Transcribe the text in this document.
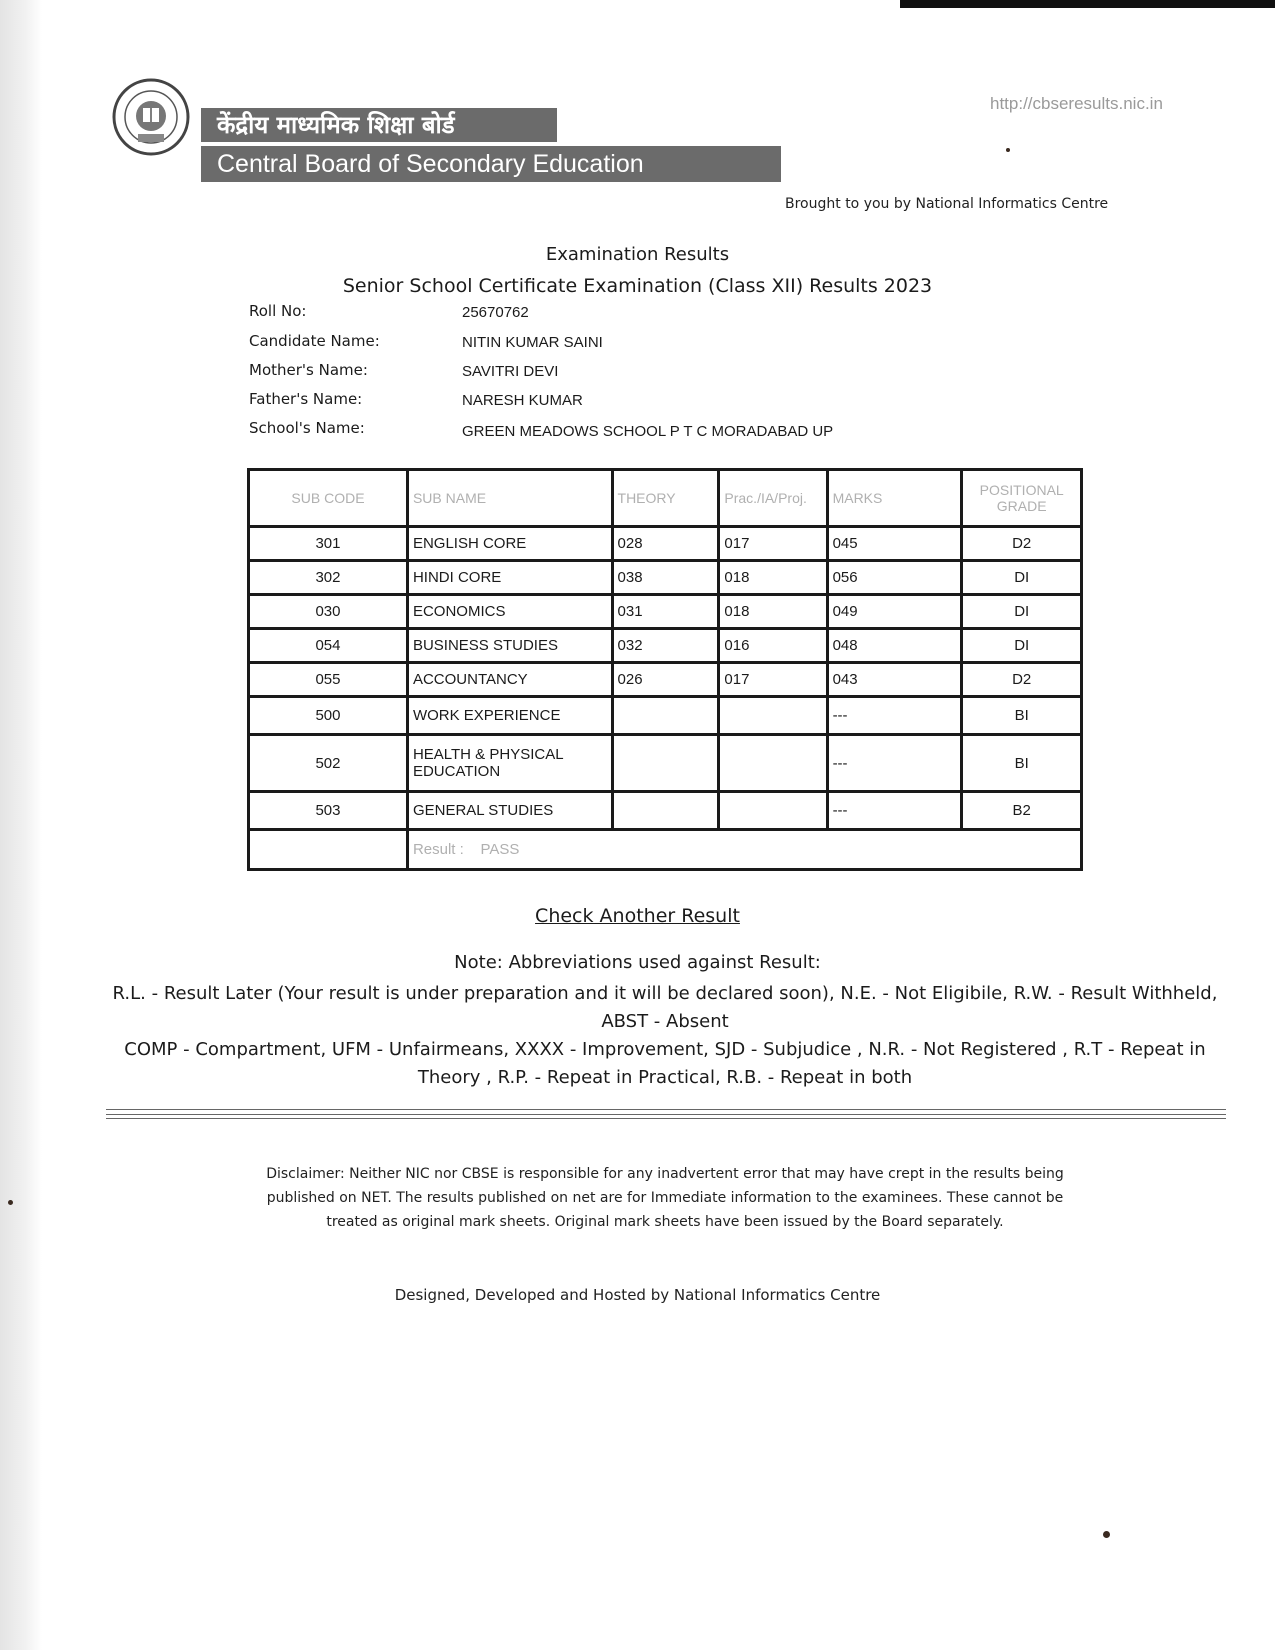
केंद्रीय माध्यमिक शिक्षा बोर्ड
Central Board of Secondary Education
http://cbseresults.nic.in
Brought to you by National Informatics Centre
Examination Results
Senior School Certificate Examination (Class XII) Results 2023
Roll No:	25670762
Candidate Name:	NITIN KUMAR SAINI
Mother's Name:	SAVITRI DEVI
Father's Name:	NARESH KUMAR
School's Name:	GREEN MEADOWS SCHOOL P T C MORADABAD UP
SUB CODE	SUB NAME	THEORY	Prac./IA/Proj.	MARKS	POSITIONAL GRADE
301	ENGLISH CORE	028	017	045	D2
302	HINDI CORE	038	018	056	DI
030	ECONOMICS	031	018	049	DI
054	BUSINESS STUDIES	032	016	048	DI
055	ACCOUNTANCY	026	017	043	D2
500	WORK EXPERIENCE			---	BI
502	HEALTH & PHYSICAL EDUCATION			---	BI
503	GENERAL STUDIES			---	B2
	Result : PASS				
Check Another Result
Note: Abbreviations used against Result:
R.L. - Result Later (Your result is under preparation and it will be declared soon), N.E. - Not Eligibile, R.W. - Result Withheld, ABST - Absent
COMP - Compartment, UFM - Unfairmeans, XXXX - Improvement, SJD - Subjudice , N.R. - Not Registered , R.T - Repeat in Theory , R.P. - Repeat in Practical, R.B. - Repeat in both
Disclaimer: Neither NIC nor CBSE is responsible for any inadvertent error that may have crept in the results being published on NET. The results published on net are for Immediate information to the examinees. These cannot be treated as original mark sheets. Original mark sheets have been issued by the Board separately.
Designed, Developed and Hosted by National Informatics Centre
